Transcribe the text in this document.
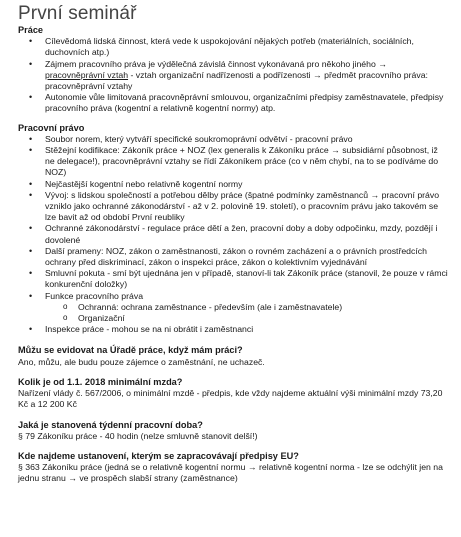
První seminář
Práce
• Cílevědomá lidská činnost, která vede k uspokojování nějakých potřeb (materiálních, sociálních, duchovních atp.)
• Zájmem pracovního práva je výdělečná závislá činnost vykonávaná pro někoho jiného → pracovněprávní vztah - vztah organizační nadřízenosti a podřízenosti → předmět pracovního práva: pracovněprávní vztahy
• Autonomie vůle limitovaná pracovněprávní smlouvou, organizačními předpisy zaměstnavatele, předpisy pracovního práva (kogentní a relativně kogentní normy) atp.
Pracovní právo
• Soubor norem, který vytváří specifické soukromoprávní odvětví - pracovní právo
• Stěžejní kodifikace: Zákoník práce + NOZ (lex generalis k Zákoníku práce → subsidiární působnost, iž ne delegace!), pracovněprávní vztahy se řídí Zákoníkem práce (co v něm chybí, na to se podíváme do NOZ)
• Nejčastější kogentní nebo relativně kogentní normy
• Vývoj: s lidskou společností a potřebou dělby práce (špatné podmínky zaměstnanců → pracovní právo vzniklo jako ochranné zákonodárství - až v 2. polovině 19. století), o pracovním právu jako takovém se lze bavit až od období První reubliky
• Ochranné zákonodárství - regulace práce dětí a žen, pracovní doby a doby odpočinku, mzdy, pozdějí i dovolené
• Další prameny: NOZ, zákon o zaměstnanosti, zákon o rovném zacházení a o právních prostředcích ochrany před diskriminací, zákon o inspekci práce, zákon o kolektivním vyjednávání
• Smluvní pokuta - smí být ujednána jen v případě, stanoví-li tak Zákoník práce (stanovil, že pouze v rámci konkurenční doložky)
• Funkce pracovního práva
o Ochranná: ochrana zaměstnance - především (ale i zaměstnavatele)
o Organizační
• Inspekce práce - mohou se na ni obrátit i zaměstnanci
Můžu se evidovat na Úřadě práce, když mám práci?
Ano, můžu, ale budu pouze zájemce o zaměstnání, ne uchazeč.
Kolik je od 1.1. 2018 minimální mzda?
Nařízení vlády č. 567/2006, o minimální mzdě - předpis, kde vždy najdeme aktuální výši minimální mzdy 73,20 Kč a 12 200 Kč
Jaká je stanovená týdenní pracovní doba?
§ 79 Zákoníku práce - 40 hodin (nelze smluvně stanovit delší!)
Kde najdeme ustanovení, kterým se zapracovávají předpisy EU?
§ 363 Zákoníku práce (jedná se o relativně kogentní normu → relativně kogentní norma - lze se odchýlit jen na jednu stranu → ve prospěch slabší strany (zaměstnance)
